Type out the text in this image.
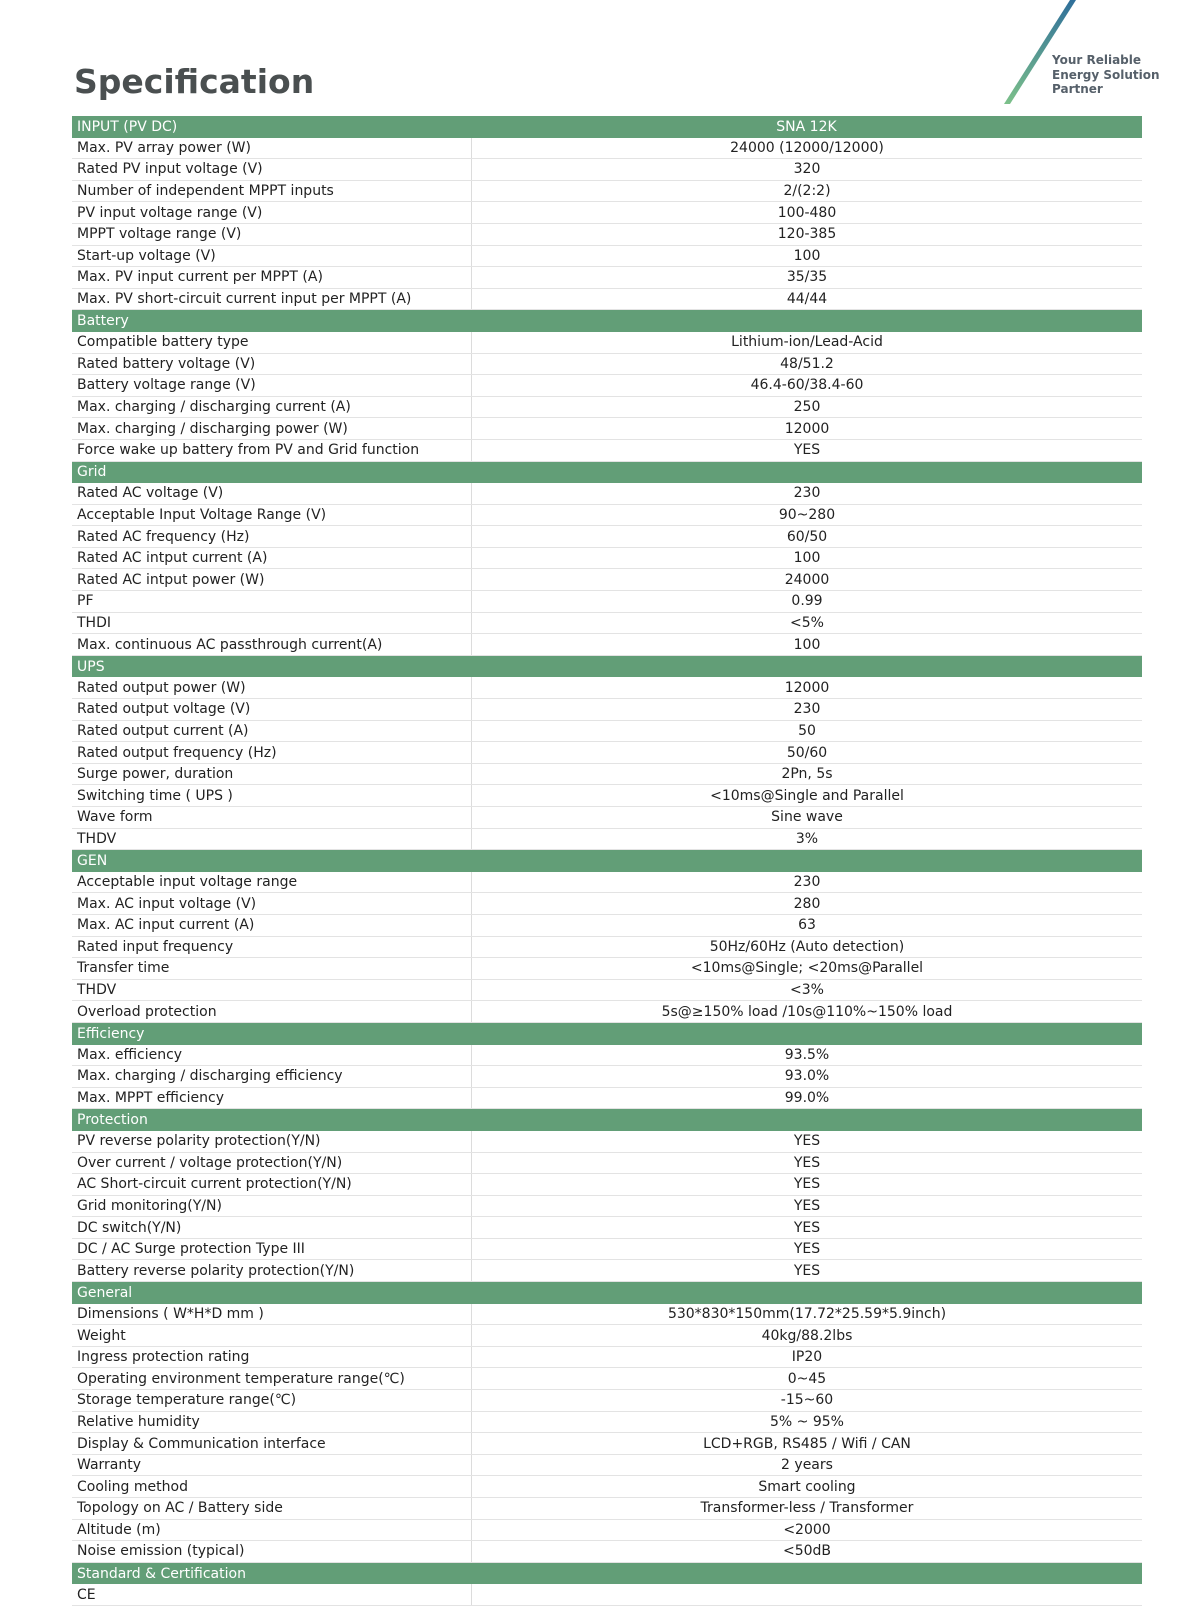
Specification
Your Reliable
Energy Solution
Partner
INPUT (PV DC)	SNA 12K
Max. PV array power (W)	24000 (12000/12000)
Rated PV input voltage (V)	320
Number of independent MPPT inputs	2/(2:2)
PV input voltage range (V)	100-480
MPPT voltage range (V)	120-385
Start-up voltage (V)	100
Max. PV input current per MPPT (A)	35/35
Max. PV short-circuit current input per MPPT (A)	44/44
Battery
Compatible battery type	Lithium-ion/Lead-Acid
Rated battery voltage (V)	48/51.2
Battery voltage range (V)	46.4-60/38.4-60
Max. charging / discharging current (A)	250
Max. charging / discharging power (W)	12000
Force wake up battery from PV and Grid function	YES
Grid
Rated AC voltage (V)	230
Acceptable Input Voltage Range (V)	90~280
Rated AC frequency (Hz)	60/50
Rated AC intput current (A)	100
Rated AC intput power (W)	24000
PF	0.99
THDI	<5%
Max. continuous AC passthrough current(A)	100
UPS
Rated output power (W)	12000
Rated output voltage (V)	230
Rated output current (A)	50
Rated output frequency (Hz)	50/60
Surge power, duration	2Pn, 5s
Switching time ( UPS )	<10ms@Single and Parallel
Wave form	Sine wave
THDV	3%
GEN
Acceptable input voltage range	230
Max. AC input voltage (V)	280
Max. AC input current (A)	63
Rated input frequency	50Hz/60Hz (Auto detection)
Transfer time	<10ms@Single; <20ms@Parallel
THDV	<3%
Overload protection	5s@≥150% load /10s@110%~150% load
Efficiency
Max. efficiency	93.5%
Max. charging / discharging efficiency	93.0%
Max. MPPT efficiency	99.0%
Protection
PV reverse polarity protection(Y/N)	YES
Over current / voltage protection(Y/N)	YES
AC Short-circuit current protection(Y/N)	YES
Grid monitoring(Y/N)	YES
DC switch(Y/N)	YES
DC / AC Surge protection Type III	YES
Battery reverse polarity protection(Y/N)	YES
General
Dimensions ( W*H*D mm )	530*830*150mm(17.72*25.59*5.9inch)
Weight	40kg/88.2lbs
Ingress protection rating	IP20
Operating environment temperature range(℃)	0~45
Storage temperature range(℃)	-15~60
Relative humidity	5% ~ 95%
Display & Communication interface	LCD+RGB, RS485 / Wifi / CAN
Warranty	2 years
Cooling method	Smart cooling
Topology on AC / Battery side	Transformer-less / Transformer
Altitude (m)	<2000
Noise emission (typical)	<50dB
Standard & Certification
CE
